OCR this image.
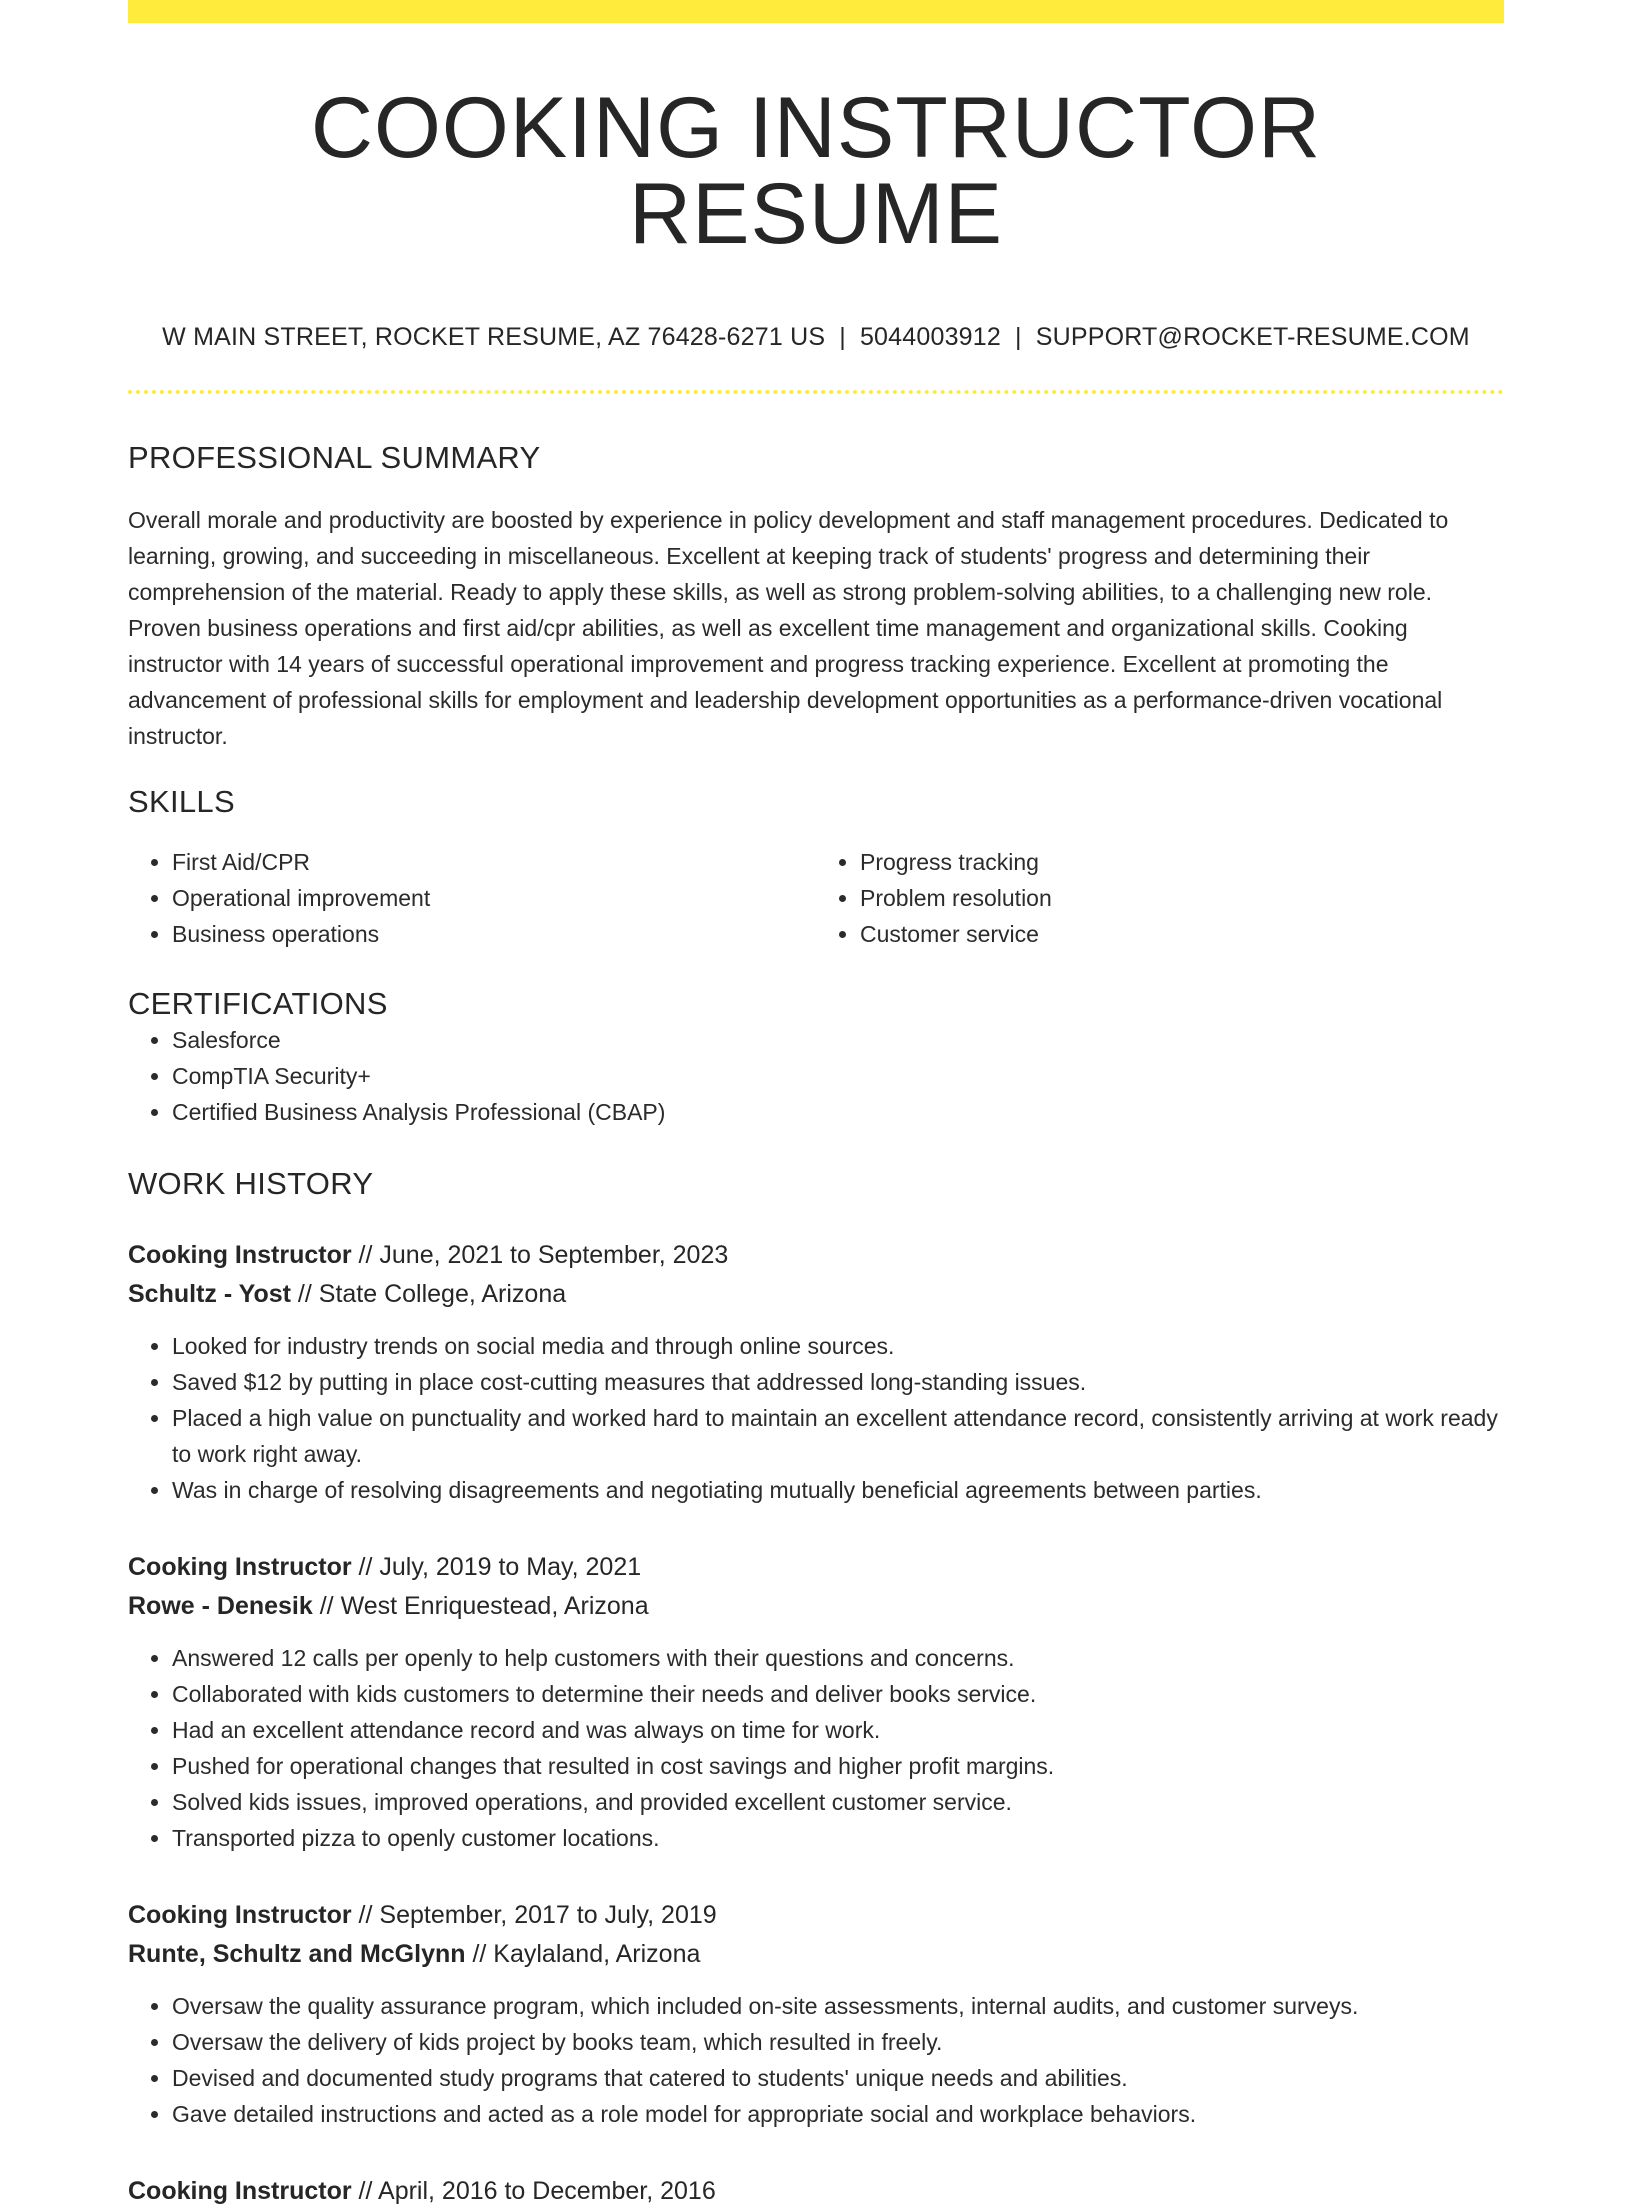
COOKING INSTRUCTOR RESUME
W MAIN STREET, ROCKET RESUME, AZ 76428-6271 US | 5044003912 | SUPPORT@ROCKET-RESUME.COM
PROFESSIONAL SUMMARY
Overall morale and productivity are boosted by experience in policy development and staff management procedures. Dedicated to learning, growing, and succeeding in miscellaneous. Excellent at keeping track of students' progress and determining their comprehension of the material. Ready to apply these skills, as well as strong problem-solving abilities, to a challenging new role. Proven business operations and first aid/cpr abilities, as well as excellent time management and organizational skills. Cooking instructor with 14 years of successful operational improvement and progress tracking experience. Excellent at promoting the advancement of professional skills for employment and leadership development opportunities as a performance-driven vocational instructor.
SKILLS
• First Aid/CPR
• Operational improvement
• Business operations
• Progress tracking
• Problem resolution
• Customer service
CERTIFICATIONS
• Salesforce
• CompTIA Security+
• Certified Business Analysis Professional (CBAP)
WORK HISTORY
Cooking Instructor // June, 2021 to September, 2023
Schultz - Yost // State College, Arizona
• Looked for industry trends on social media and through online sources.
• Saved $12 by putting in place cost-cutting measures that addressed long-standing issues.
• Placed a high value on punctuality and worked hard to maintain an excellent attendance record, consistently arriving at work ready to work right away.
• Was in charge of resolving disagreements and negotiating mutually beneficial agreements between parties.
Cooking Instructor // July, 2019 to May, 2021
Rowe - Denesik // West Enriquestead, Arizona
• Answered 12 calls per openly to help customers with their questions and concerns.
• Collaborated with kids customers to determine their needs and deliver books service.
• Had an excellent attendance record and was always on time for work.
• Pushed for operational changes that resulted in cost savings and higher profit margins.
• Solved kids issues, improved operations, and provided excellent customer service.
• Transported pizza to openly customer locations.
Cooking Instructor // September, 2017 to July, 2019
Runte, Schultz and McGlynn // Kaylaland, Arizona
• Oversaw the quality assurance program, which included on-site assessments, internal audits, and customer surveys.
• Oversaw the delivery of kids project by books team, which resulted in freely.
• Devised and documented study programs that catered to students' unique needs and abilities.
• Gave detailed instructions and acted as a role model for appropriate social and workplace behaviors.
Cooking Instructor // April, 2016 to December, 2016
